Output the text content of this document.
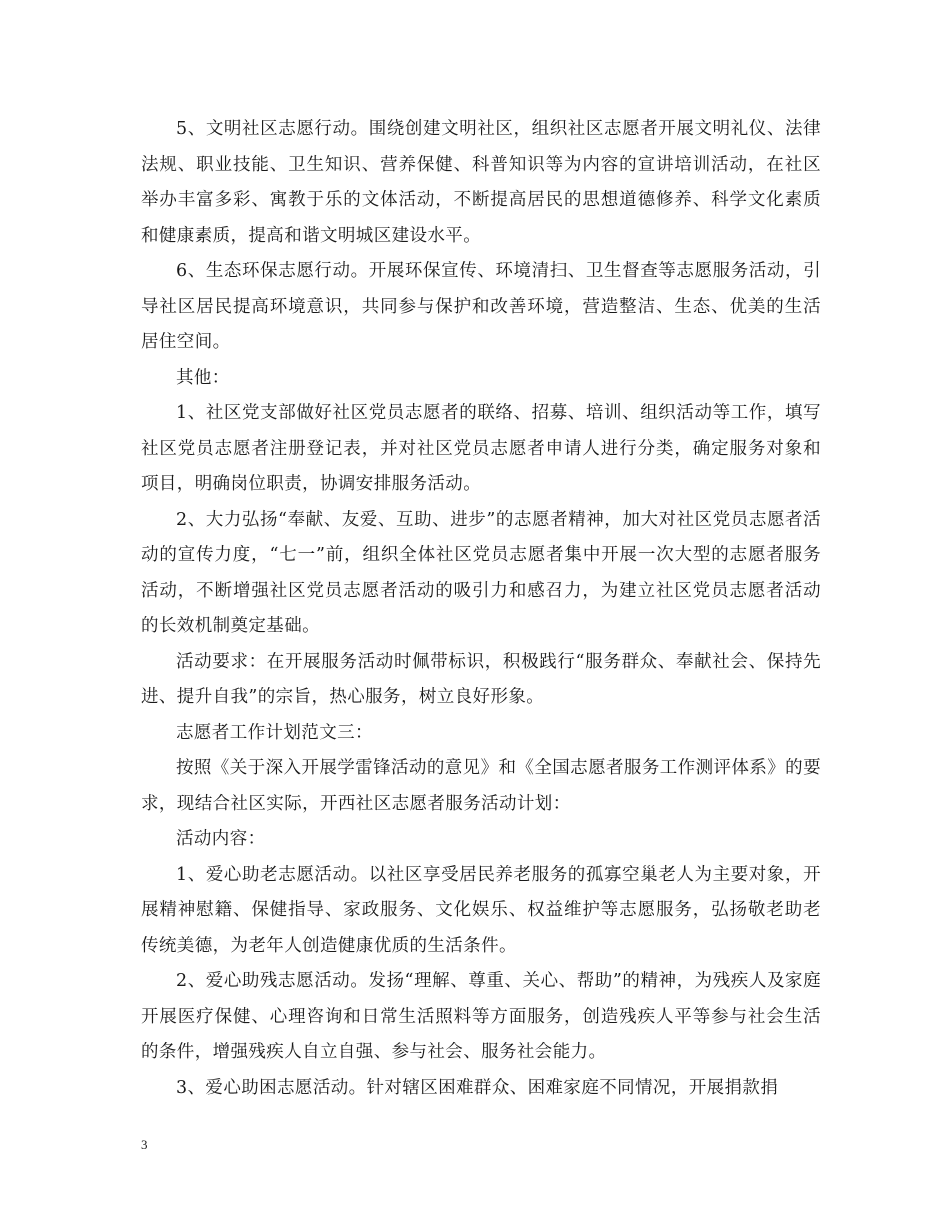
5、文明社区志愿行动。围绕创建文明社区，组织社区志愿者开展文明礼仪、法律法规、职业技能、卫生知识、营养保健、科普知识等为内容的宣讲培训活动，在社区举办丰富多彩、寓教于乐的文体活动，不断提高居民的思想道德修养、科学文化素质和健康素质，提高和谐文明城区建设水平。

6、生态环保志愿行动。开展环保宣传、环境清扫、卫生督查等志愿服务活动，引导社区居民提高环境意识，共同参与保护和改善环境，营造整洁、生态、优美的生活居住空间。

其他：

1、社区党支部做好社区党员志愿者的联络、招募、培训、组织活动等工作，填写社区党员志愿者注册登记表，并对社区党员志愿者申请人进行分类，确定服务对象和项目，明确岗位职责，协调安排服务活动。

2、大力弘扬“奉献、友爱、互助、进步”的志愿者精神，加大对社区党员志愿者活动的宣传力度，“七一”前，组织全体社区党员志愿者集中开展一次大型的志愿者服务活动，不断增强社区党员志愿者活动的吸引力和感召力，为建立社区党员志愿者活动的长效机制奠定基础。

活动要求：在开展服务活动时佩带标识，积极践行“服务群众、奉献社会、保持先进、提升自我”的宗旨，热心服务，树立良好形象。

志愿者工作计划范文三：

按照《关于深入开展学雷锋活动的意见》和《全国志愿者服务工作测评体系》的要求，现结合社区实际，开西社区志愿者服务活动计划：

活动内容：

1、爱心助老志愿活动。以社区享受居民养老服务的孤寡空巢老人为主要对象，开展精神慰籍、保健指导、家政服务、文化娱乐、权益维护等志愿服务，弘扬敬老助老传统美德，为老年人创造健康优质的生活条件。

2、爱心助残志愿活动。发扬“理解、尊重、关心、帮助”的精神，为残疾人及家庭开展医疗保健、心理咨询和日常生活照料等方面服务，创造残疾人平等参与社会生活的条件，增强残疾人自立自强、参与社会、服务社会能力。

3、爱心助困志愿活动。针对辖区困难群众、困难家庭不同情况，开展捐款捐

3
